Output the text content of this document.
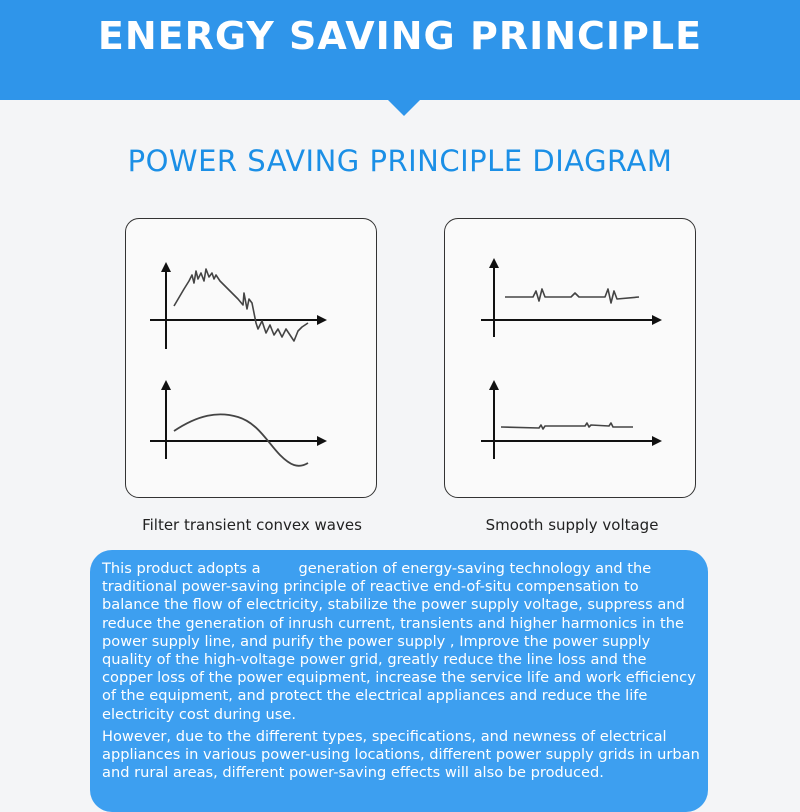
ENERGY SAVING PRINCIPLE
POWER SAVING PRINCIPLE DIAGRAM
Filter transient convex waves	Smooth supply voltage

This product adopts a	generation of energy-saving technology and the traditional power-saving principle of reactive end-of-situ compensation to balance the flow of electricity, stabilize the power supply voltage, suppress and reduce the generation of inrush current, transients and higher harmonics in the power supply line, and purify the power supply , Improve the power supply quality of the high-voltage power grid, greatly reduce the line loss and the copper loss of the power equipment, increase the service life and work efficiency of the equipment, and protect the electrical appliances and reduce the life electricity cost during use.

However, due to the different types, specifications, and newness of electrical appliances in various power-using locations, different power supply grids in urban and rural areas, different power-saving effects will also be produced.
